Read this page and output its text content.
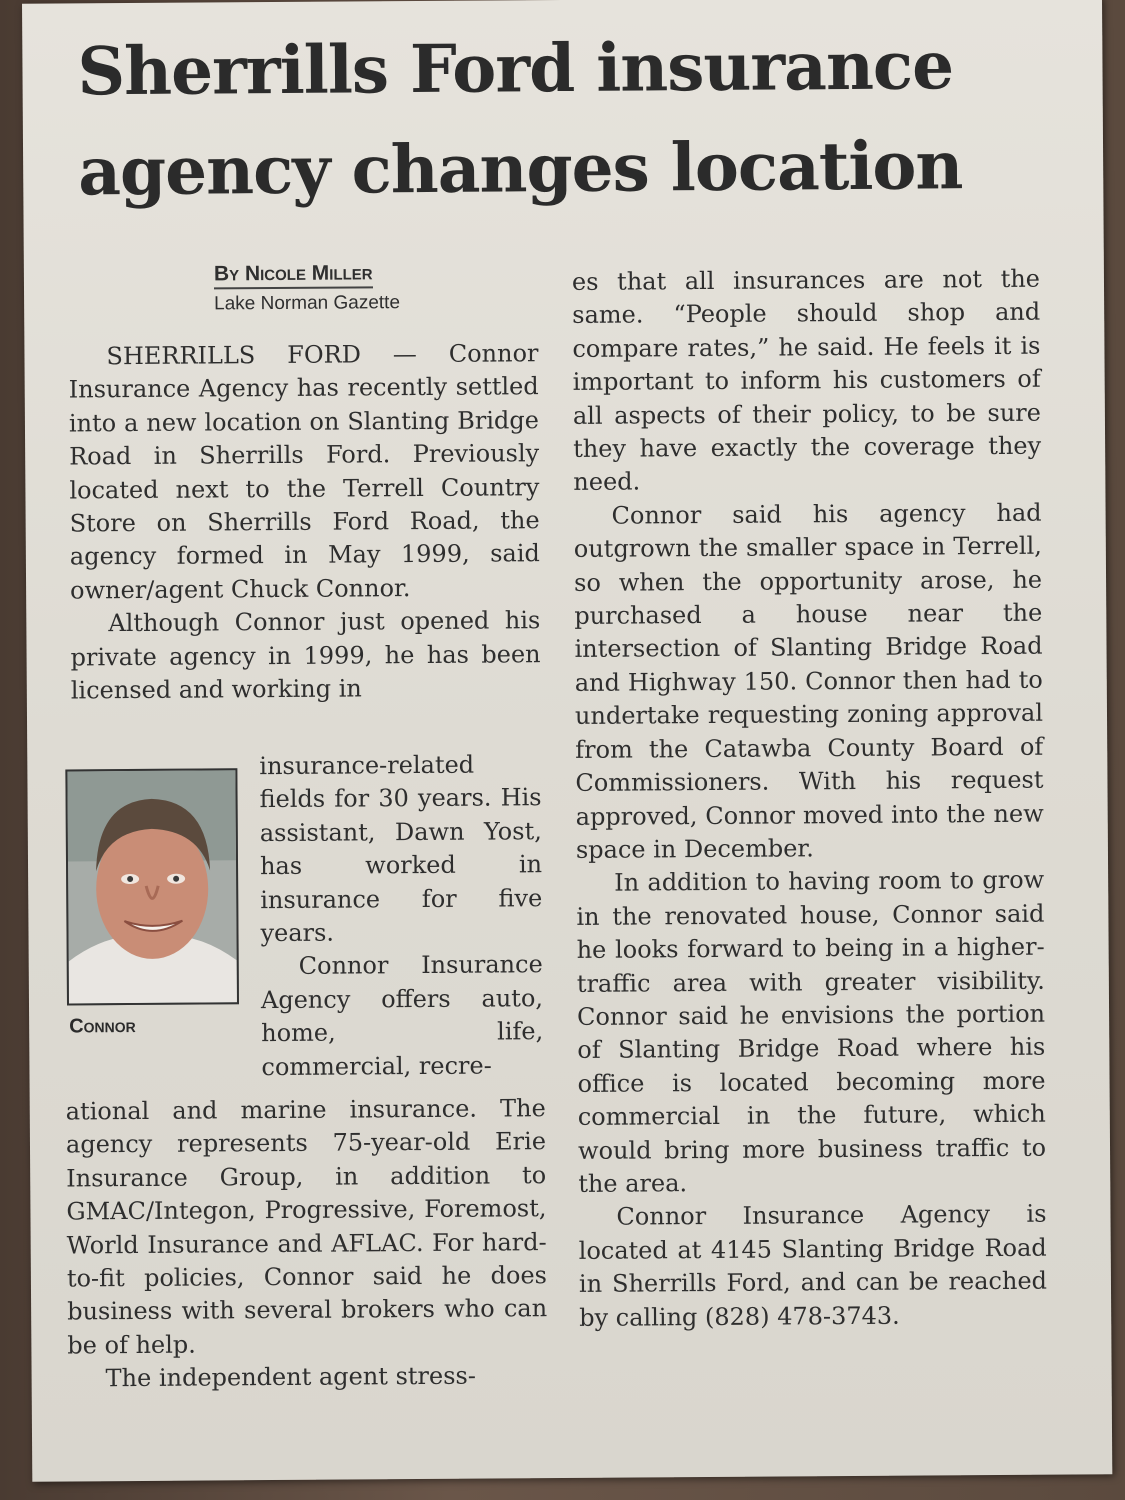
Sherrills Ford insurance
agency changes location
By Nicole Miller
Lake Norman Gazette

SHERRILLS FORD — Connor Insurance Agency has recently settled into a new location on Slanting Bridge Road in Sherrills Ford. Previously located next to the Terrell Country Store on Sherrills Ford Road, the agency formed in May 1999, said owner/agent Chuck Connor.

Although Connor just opened his private agency in 1999, he has been licensed and working in

Connor

insurance-related fields for 30 years. His assistant, Dawn Yost, has worked in insurance for five years.

Connor Insurance Agency offers auto, home, life, commercial, recre-

ational and marine insurance. The agency represents 75-year-old Erie Insurance Group, in addition to GMAC/Integon, Progressive, Foremost, World Insurance and AFLAC. For hard-to-fit policies, Connor said he does business with several brokers who can be of help.

The independent agent stress-

es that all insurances are not the same. “People should shop and compare rates,” he said. He feels it is important to inform his customers of all aspects of their policy, to be sure they have exactly the coverage they need.

Connor said his agency had outgrown the smaller space in Terrell, so when the opportunity arose, he purchased a house near the intersection of Slanting Bridge Road and Highway 150. Connor then had to undertake requesting zoning approval from the Catawba County Board of Commissioners. With his request approved, Connor moved into the new space in December.

In addition to having room to grow in the renovated house, Connor said he looks forward to being in a higher-traffic area with greater visibility. Connor said he envisions the portion of Slanting Bridge Road where his office is located becoming more commercial in the future, which would bring more business traffic to the area.

Connor Insurance Agency is located at 4145 Slanting Bridge Road in Sherrills Ford, and can be reached by calling (828) 478-3743.
